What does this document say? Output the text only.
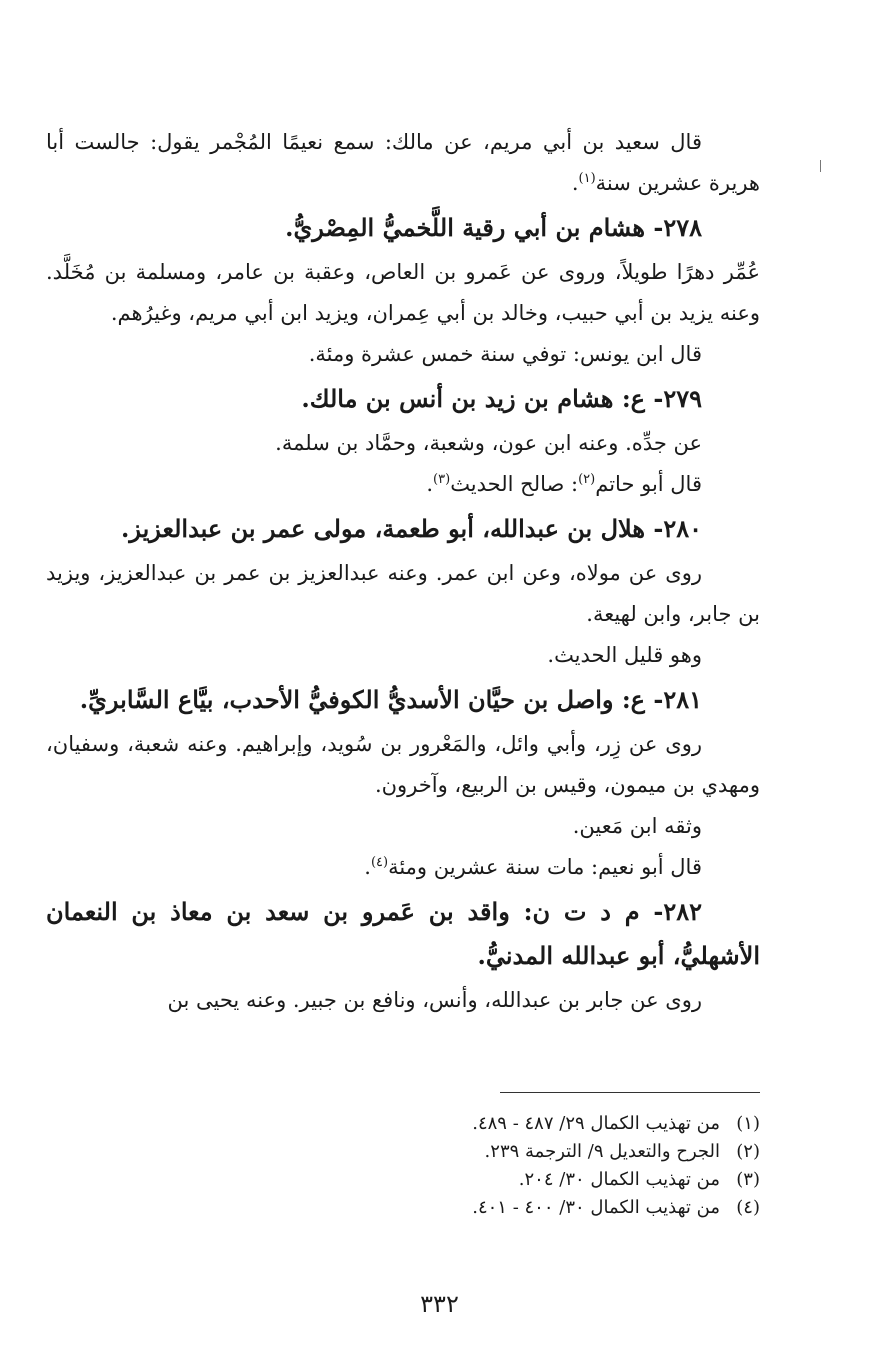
قال سعيد بن أبي مريم، عن مالك: سمع نعيمًا المُجْمر يقول: جالست أبا هريرة عشرين سنة$^{(١)}$.

٢٧٨- هشام بن أبي رقية اللَّخميُّ المِصْريُّ.

عُمِّر دهرًا طويلاً، وروى عن عَمرو بن العاص، وعقبة بن عامر، ومسلمة بن مُخَلَّد. وعنه يزيد بن أبي حبيب، وخالد بن أبي عِمران، ويزيد ابن أبي مريم، وغيرُهم.

قال ابن يونس: توفي سنة خمس عشرة ومئة.

٢٧٩- ع: هشام بن زيد بن أنس بن مالك.

عن جدِّه. وعنه ابن عون، وشعبة، وحمَّاد بن سلمة.

قال أبو حاتم$^{(٢)}$: صالح الحديث$^{(٣)}$.

٢٨٠- هلال بن عبدالله، أبو طعمة، مولى عمر بن عبدالعزيز.

روى عن مولاه، وعن ابن عمر. وعنه عبدالعزيز بن عمر بن عبدالعزيز، ويزيد بن جابر، وابن لهيعة.

وهو قليل الحديث.

٢٨١- ع: واصل بن حيَّان الأسديُّ الكوفيُّ الأحدب، بيَّاع السَّابريِّ.

روى عن زِر، وأبي وائل، والمَعْرور بن سُويد، وإبراهيم. وعنه شعبة، وسفيان، ومهدي بن ميمون، وقيس بن الربيع، وآخرون.

وثقه ابن مَعين.

قال أبو نعيم: مات سنة عشرين ومئة$^{(٤)}$.

٢٨٢- م د ت ن: واقد بن عَمرو بن سعد بن معاذ بن النعمان الأشهليُّ، أبو عبدالله المدنيُّ.

روى عن جابر بن عبدالله، وأنس، ونافع بن جبير. وعنه يحيى بن

(١)من تهذيب الكمال ٢٩/ ٤٨٧ - ٤٨٩.

(٢)الجرح والتعديل ٩/ الترجمة ٢٣٩.

(٣)من تهذيب الكمال ٣٠/ ٢٠٤.

(٤)من تهذيب الكمال ٣٠/ ٤٠٠ - ٤٠١.

٣٣٢
